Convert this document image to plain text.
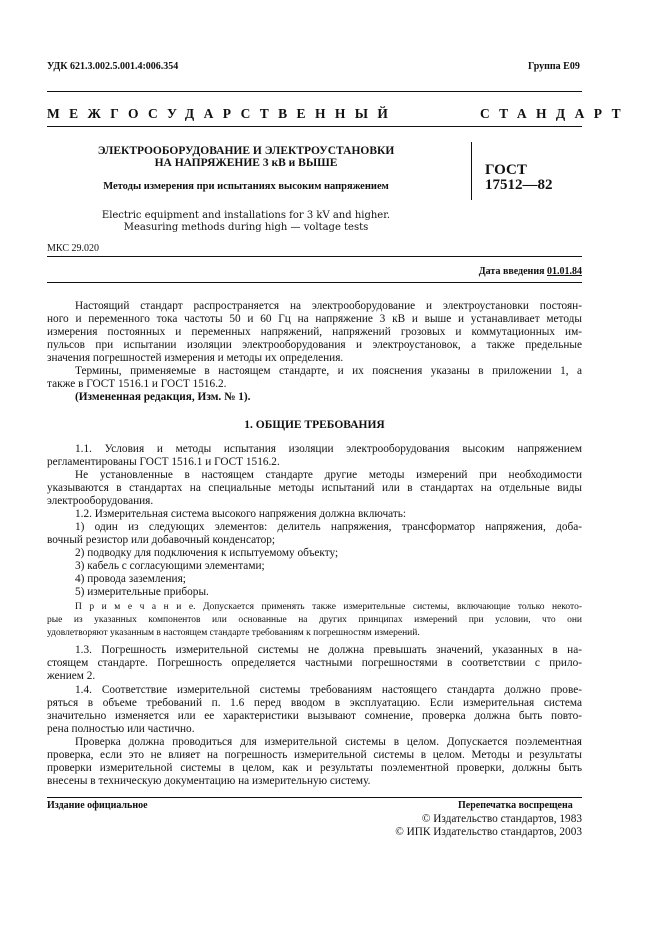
УДК 621.3.002.5.001.4:006.354	Группа Е09
МЕЖГОСУДАРСТВЕННЫЙ	СТАНДАРТ
ЭЛЕКТРООБОРУДОВАНИЕ И ЭЛЕКТРОУСТАНОВКИ
НА НАПРЯЖЕНИЕ 3 кВ и ВЫШЕ
Методы измерения при испытаниях высоким напряжением
ГОСТ
17512—82
Electric equipment and installations for 3 kV and higher.
Measuring methods during high — voltage tests
МКС 29.020
Дата введения 01.01.84
Настоящий стандарт распространяется на электрооборудование и электроустановки постоян-
ного и переменного тока частоты 50 и 60 Гц на напряжение 3 кВ и выше и устанавливает методы
измерения постоянных и переменных напряжений, напряжений грозовых и коммутационных им-
пульсов при испытании изоляции электрооборудования и электроустановок, а также предельные
значения погрешностей измерения и методы их определения.
Термины, применяемые в настоящем стандарте, и их пояснения указаны в приложении 1, а
также в ГОСТ 1516.1 и ГОСТ 1516.2.
(Измененная редакция, Изм. № 1).
1. ОБЩИЕ ТРЕБОВАНИЯ
1.1. Условия и методы испытания изоляции электрооборудования высоким напряжением
регламентированы ГОСТ 1516.1 и ГОСТ 1516.2.
Не установленные в настоящем стандарте другие методы измерений при необходимости
указываются в стандартах на специальные методы испытаний или в стандартах на отдельные виды
электрооборудования.
1.2. Измерительная система высокого напряжения должна включать:
1) один из следующих элементов: делитель напряжения, трансформатор напряжения, доба-
вочный резистор или добавочный конденсатор;
2) подводку для подключения к испытуемому объекту;
3) кабель с согласующими элементами;
4) провода заземления;
5) измерительные приборы.
П р и м е ч а н и е. Допускается применять также измерительные системы, включающие только некото-
рые из указанных компонентов или основанные на других принципах измерений при условии, что они
удовлетворяют указанным в настоящем стандарте требованиям к погрешностям измерений.
1.3. Погрешность измерительной системы не должна превышать значений, указанных в на-
стоящем стандарте. Погрешность определяется частными погрешностями в соответствии с прило-
жением 2.
1.4. Соответствие измерительной системы требованиям настоящего стандарта должно прове-
ряться в объеме требований п. 1.6 перед вводом в эксплуатацию. Если измерительная система
значительно изменяется или ее характеристики вызывают сомнение, проверка должна быть повто-
рена полностью или частично.
Проверка должна проводиться для измерительной системы в целом. Допускается поэлементная
проверка, если это не влияет на погрешность измерительной системы в целом. Методы и результаты
проверки измерительной системы в целом, как и результаты поэлементной проверки, должны быть
внесены в техническую документацию на измерительную систему.
Издание официальное	Перепечатка воспрещена
© Издательство стандартов, 1983
© ИПК Издательство стандартов, 2003
